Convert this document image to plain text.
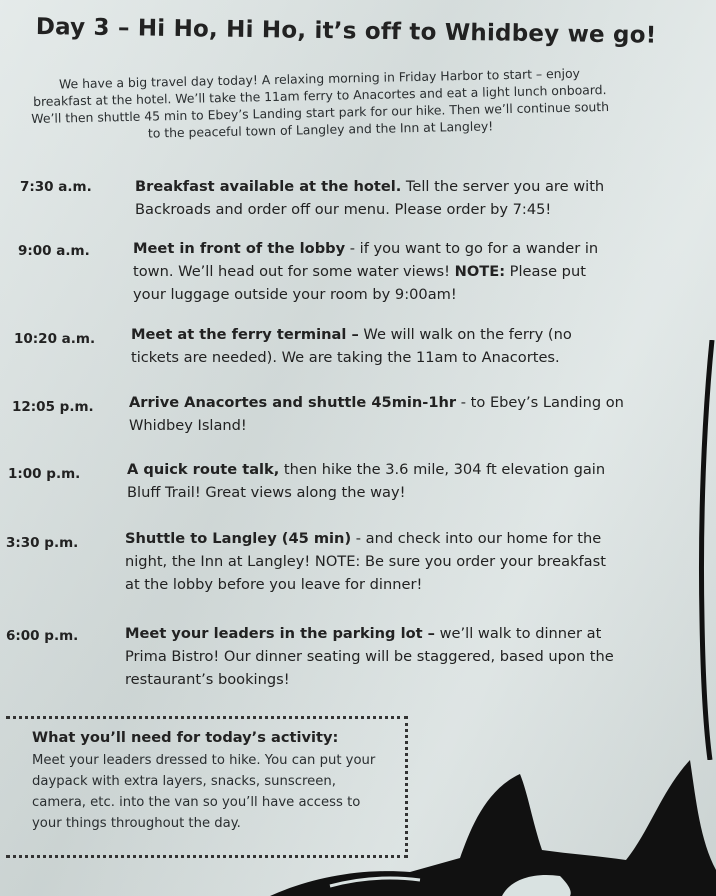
Day 3 – Hi Ho, Hi Ho, it’s off to Whidbey we go!
We have a big travel day today! A relaxing morning in Friday Harbor to start – enjoy breakfast at the hotel. We’ll take the 11am ferry to Anacortes and eat a light lunch onboard. We’ll then shuttle 45 min to Ebey’s Landing start park for our hike. Then we’ll continue south to the peaceful town of Langley and the Inn at Langley!
7:30 a.m.	Breakfast available at the hotel. Tell the server you are with Backroads and order off our menu. Please order by 7:45!
9:00 a.m.	Meet in front of the lobby - if you want to go for a wander in town. We’ll head out for some water views! NOTE: Please put your luggage outside your room by 9:00am!
10:20 a.m. Meet at the ferry terminal – We will walk on the ferry (no tickets are needed). We are taking the 11am to Anacortes.
12:05 p.m. Arrive Anacortes and shuttle 45min-1hr - to Ebey’s Landing on Whidbey Island!
1:00 p.m.	A quick route talk, then hike the 3.6 mile, 304 ft elevation gain Bluff Trail! Great views along the way!
3:30 p.m.	Shuttle to Langley (45 min) - and check into our home for the night, the Inn at Langley! NOTE: Be sure you order your breakfast at the lobby before you leave for dinner!
6:00 p.m.	Meet your leaders in the parking lot – we’ll walk to dinner at Prima Bistro! Our dinner seating will be staggered, based upon the restaurant’s bookings!
What you’ll need for today’s activity:
Meet your leaders dressed to hike. You can put your daypack with extra layers, snacks, sunscreen, camera, etc. into the van so you’ll have access to your things throughout the day.
